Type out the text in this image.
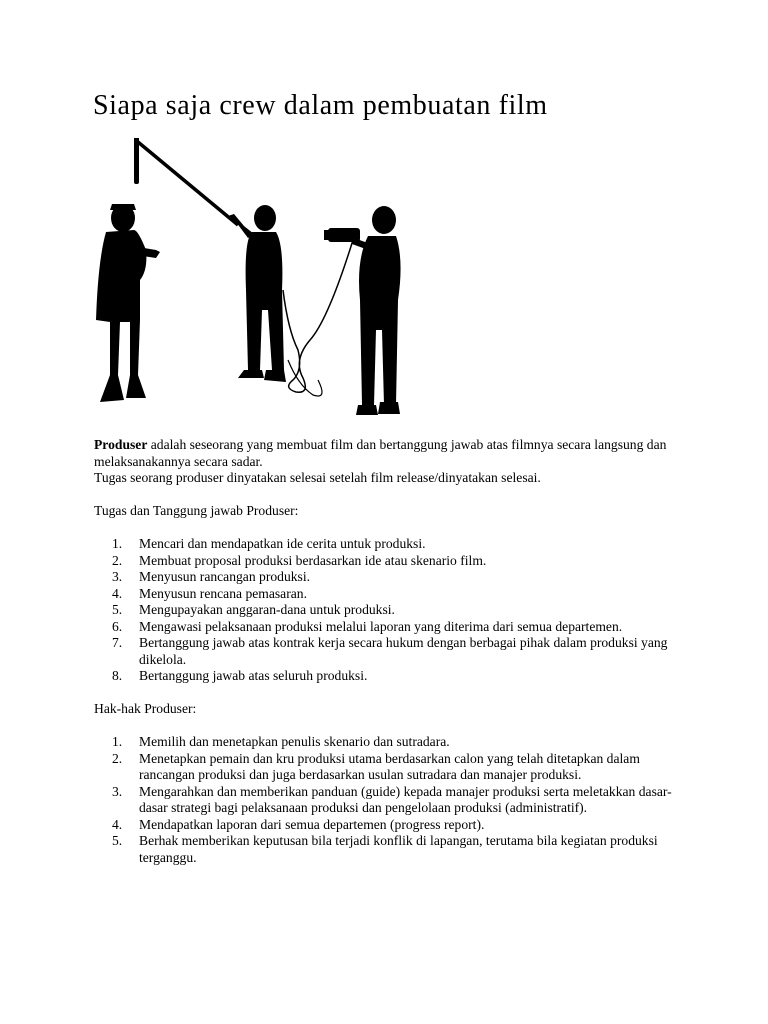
Siapa saja crew dalam pembuatan film

Produser adalah seseorang yang membuat film dan bertanggung jawab atas filmnya secara langsung dan melaksanakannya secara sadar.

Tugas seorang produser dinyatakan selesai setelah film release/dinyatakan selesai.

Tugas dan Tanggung jawab Produser:

1.	Mencari dan mendapatkan ide cerita untuk produksi.
2.	Membuat proposal produksi berdasarkan ide atau skenario film.
3.	Menyusun rancangan produksi.
4.	Menyusun rencana pemasaran.
5.	Mengupayakan anggaran-dana untuk produksi.
6.	Mengawasi pelaksanaan produksi melalui laporan yang diterima dari semua departemen.
7.	Bertanggung jawab atas kontrak kerja secara hukum dengan berbagai pihak dalam produksi yang dikelola.
8.	Bertanggung jawab atas seluruh produksi.

Hak-hak Produser:

1.	Memilih dan menetapkan penulis skenario dan sutradara.
2.	Menetapkan pemain dan kru produksi utama berdasarkan calon yang telah ditetapkan dalam rancangan produksi dan juga berdasarkan usulan sutradara dan manajer produksi.
3.	Mengarahkan dan memberikan panduan (guide) kepada manajer produksi serta meletakkan dasar-dasar strategi bagi pelaksanaan produksi dan pengelolaan produksi (administratif).
4.	Mendapatkan laporan dari semua departemen (progress report).
5.	Berhak memberikan keputusan bila terjadi konflik di lapangan, terutama bila kegiatan produksi terganggu.
